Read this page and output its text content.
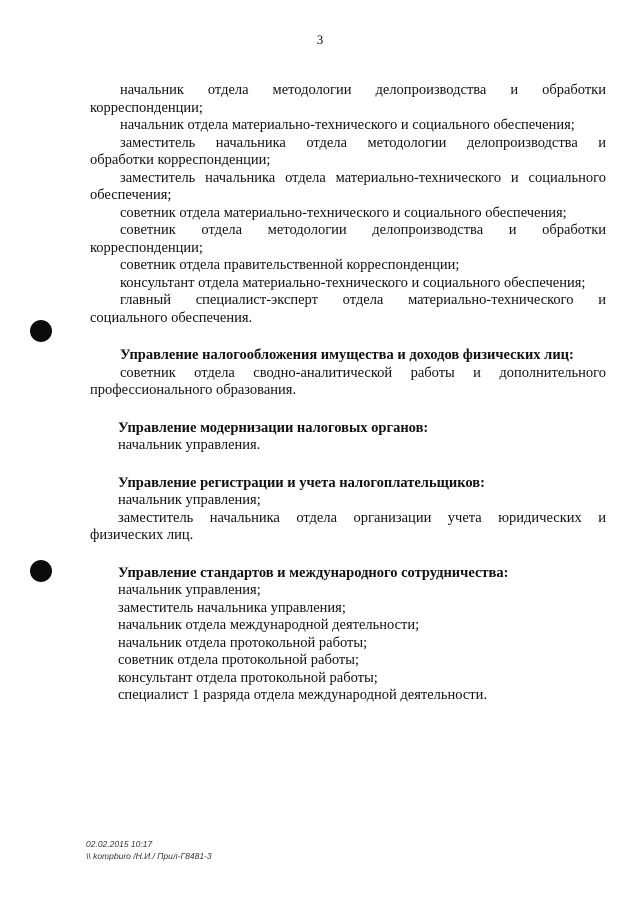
3
начальник отдела методологии делопроизводства и обработки
корреспонденции;
начальник отдела материально-технического и социального обеспечения;
заместитель начальника отдела методологии делопроизводства и
обработки корреспонденции;
заместитель начальника отдела материально-технического и социального
обеспечения;
советник отдела материально-технического и социального обеспечения;
советник отдела методологии делопроизводства и обработки
корреспонденции;
советник отдела правительственной корреспонденции;
консультант отдела материально-технического и социального обеспечения;
главный специалист-эксперт отдела материально-технического и
социального обеспечения.
Управление налогообложения имущества и доходов физических лиц:
советник отдела сводно-аналитической работы и дополнительного
профессионального образования.
Управление модернизации налоговых органов:
начальник управления.
Управление регистрации и учета налогоплательщиков:
начальник управления;
заместитель начальника отдела организации учета юридических и
физических лиц.
Управление стандартов и международного сотрудничества:
начальник управления;
заместитель начальника управления;
начальник отдела международной деятельности;
начальник отдела протокольной работы;
советник отдела протокольной работы;
консультант отдела протокольной работы;
специалист 1 разряда отдела международной деятельности.
02.02.2015 10:17
\\ kompburo /Н.И./ Прил-Г8481-3
